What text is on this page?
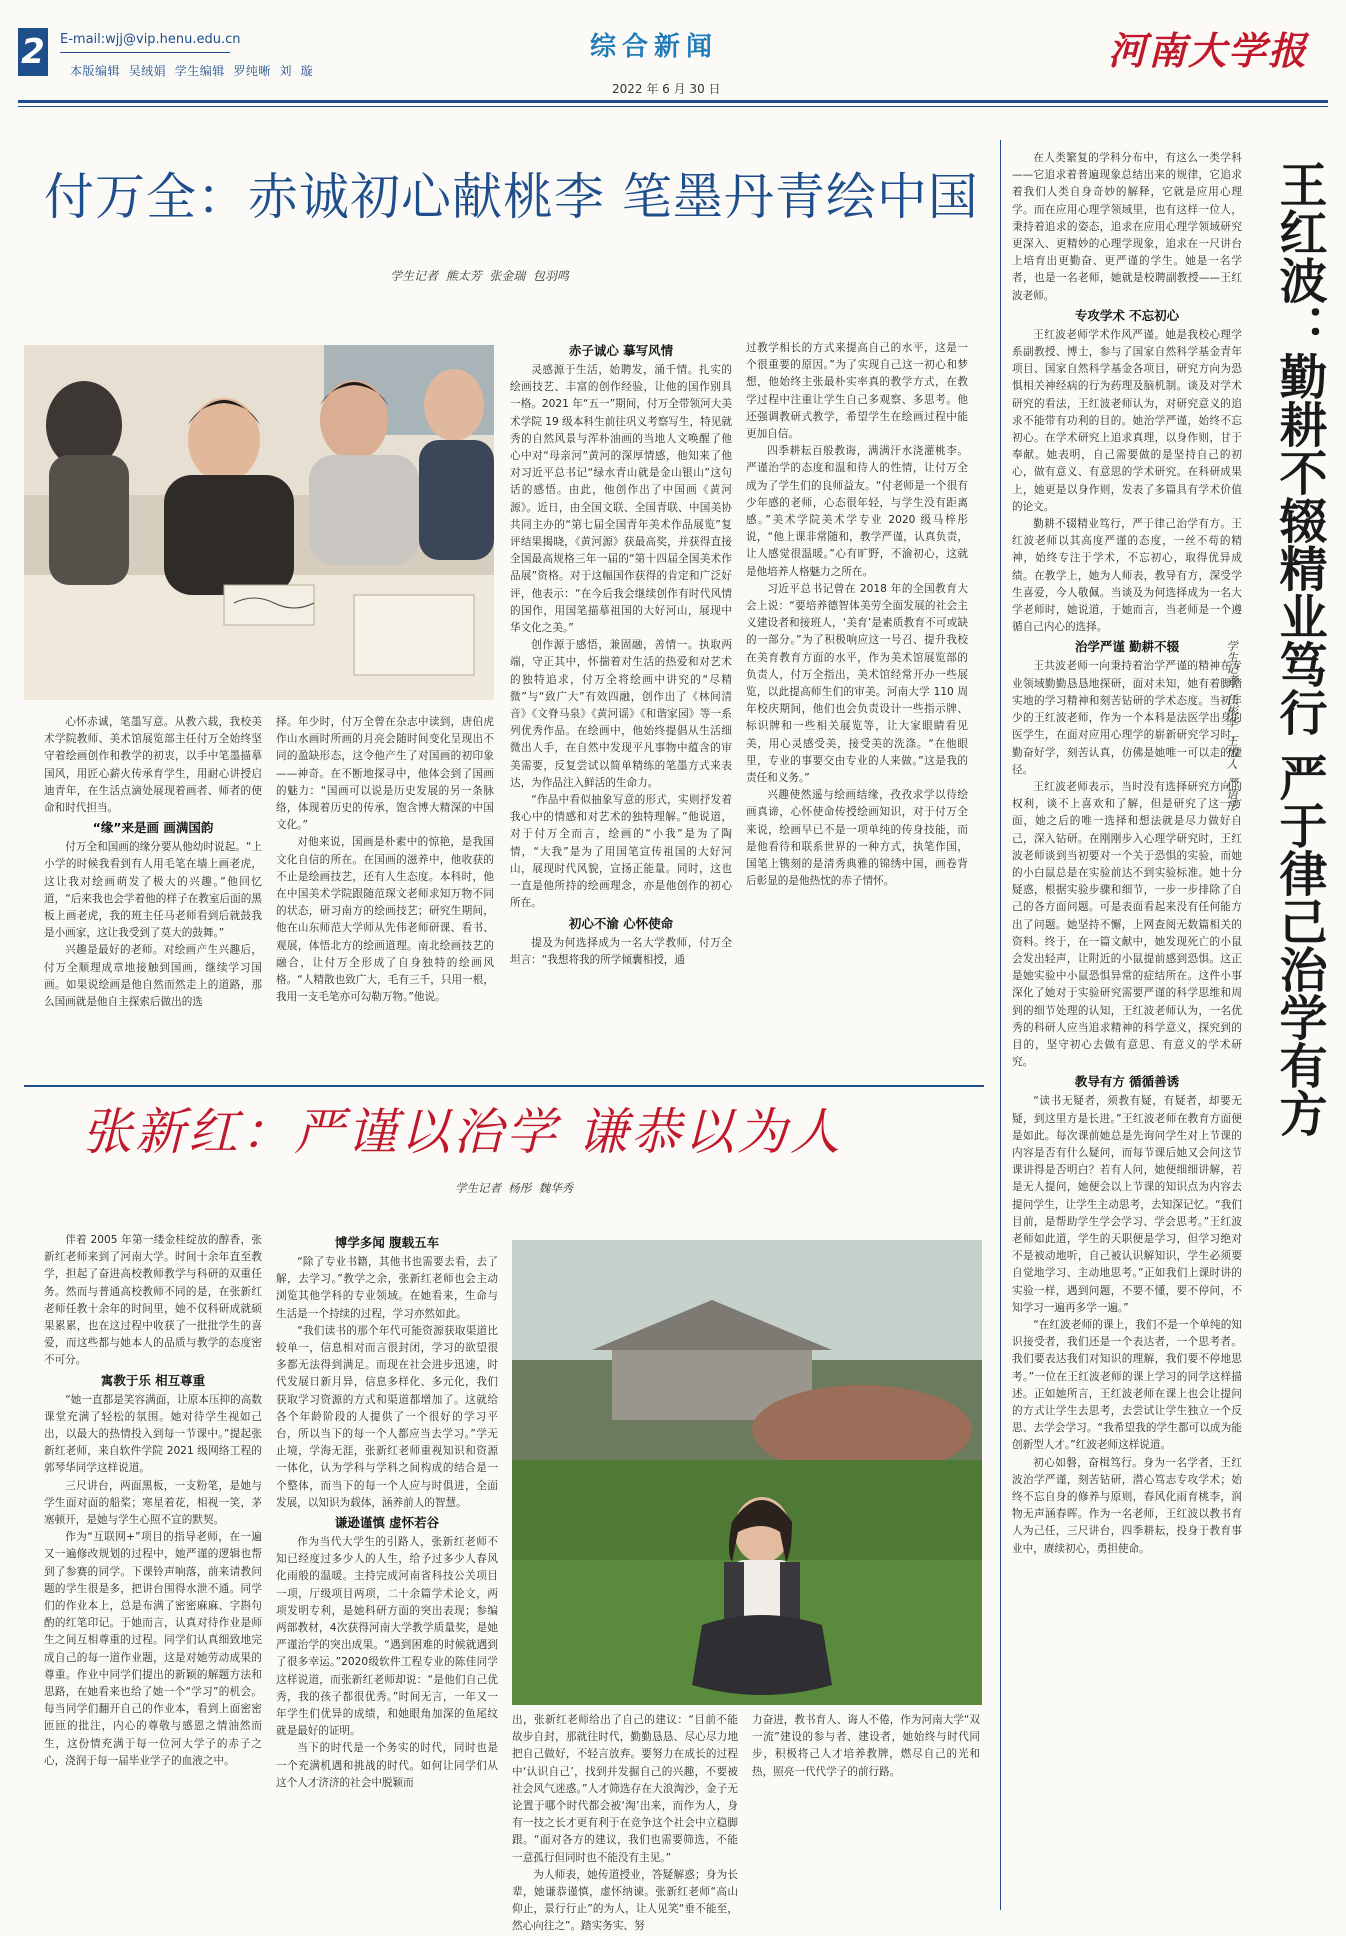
2 E-mail:wjj@vip.henu.edu.cn
本版编辑  吴绒娟  学生编辑  罗纯晰  刘  璇
综合新闻
2022 年 6 月 30 日
河南大学报
付万全：赤诚初心献桃李 笔墨丹青绘中国
学生记者  熊太芳  张金瑞  包羽鸣

心怀赤诚，笔墨写意。从教六载，我校美术学院教师、美术馆展览部主任付万全始终坚守着绘画创作和教学的初衷，以手中笔墨描摹国风，用匠心薪火传承育学生，用耐心讲授启迪青年，在生活点滴处展现着画者、师者的使命和时代担当。

“缘”来是画 画满国韵

付万全和国画的缘分要从他幼时说起。“上小学的时候我看到有人用毛笔在墙上画老虎，这让我对绘画萌发了极大的兴趣。”他回忆道，“后来我也会学着他的样子在教室后面的黑板上画老虎，我的班主任马老师看到后就鼓我是小画家，这让我受到了莫大的鼓舞。”

兴趣是最好的老师。对绘画产生兴趣后，付万全顺理成章地接触到国画，继续学习国画。如果说绘画是他自然而然走上的道路，那么国画就是他自主探索后做出的选

择。年少时，付万全曾在杂志中读到，唐伯虎作山水画时所画的月亮会随时间变化呈现出不同的盈缺形态，这令他产生了对国画的初印象——神奇。在不断地探寻中，他体会到了国画的魅力：“国画可以说是历史发展的另一条脉络，体现着历史的传承，饱含博大精深的中国文化。”

对他来说，国画是朴素中的惊艳，是我国文化自信的所在。在国画的滋养中，他收获的不止是绘画技艺，还有人生态度。本科时，他在中国美术学院跟随范琛文老师求知万物不同的状态，研习南方的绘画技艺；研究生期间，他在山东师范大学师从先伟老师研课、看书、观展，体悟北方的绘画道理。南北绘画技艺的融合，让付万全形成了自身独特的绘画风格。“人精散也致广大，毛有三千，只用一根，我用一支毛笔亦可勾勒万物。”他说。

赤子诚心 摹写风情

灵感源于生活，始聘发，涌千情。扎实的绘画技艺、丰富的创作经验，让他的国作别具一格。2021 年“五一”期间，付万全带领河大美术学院 19 级本科生前往巩义考察写生，特见就秀的自然风景与浑朴油画的当地人文唤醒了他心中对“母亲河”黄河的深厚情感，他知来了他对习近平总书记“绿水青山就是金山银山”这句话的感悟。由此，他创作出了中国画《黄河源》。近日，由全国文联、全国青联、中国美协共同主办的“第七届全国青年美术作品展览”复评结果揭晓，《黄河源》获最高奖，并获得直接全国最高规格三年一届的“第十四届全国美术作品展”资格。对于这幅国作获得的肯定和广泛好评，他表示：“在今后我会继续创作有时代风情的国作，用国笔描摹祖国的大好河山，展现中华文化之美。”

创作源于感悟，兼固融，善情一。执取两端，守正其中，怀揣着对生活的热爱和对艺术的独特追求，付万全将绘画中讲究的“尽精微”与“致广大”有效四融，创作出了《林间清音》《文脊马泉》《黄河谣》《和谐家园》等一系列优秀作品。在绘画中，他始终提倡从生活细微出人手，在自然中发现平凡事物中蕴含的审美需要，反复尝试以简单精练的笔墨方式来表达，为作品注入鲜活的生命力。

“作品中看似抽象写意的形式，实则抒发着我心中的情感和对艺术的独特理解。”他说道，对于付万全而言，绘画的“小我”是为了陶情，“大我”是为了用国笔宣传祖国的大好河山，展现时代风貌，宣扬正能量。同时，这也一直是他所持的绘画理念，亦是他创作的初心所在。

初心不渝 心怀使命

提及为何选择成为一名大学教师，付万全坦言：“我想将我的所学倾囊相授，通

过教学相长的方式来提高自己的水平，这是一个很重要的原因。”为了实现自己这一初心和梦想，他始终主张最朴实率真的教学方式，在教学过程中注重让学生自己多观察、多思考。他还强调教研式教学，希望学生在绘画过程中能更加自信。

四季耕耘百般教诲，满满汗水浇灌桃李。严谨治学的态度和温和待人的性情，让付万全成为了学生们的良师益友。“付老师是一个很有少年感的老师，心态很年轻，与学生没有距离感。”美术学院美术学专业 2020 级马梓彤说，“他上课非常随和，教学严谨，认真负责，让人感觉很温暖。”心有旷野，不渝初心，这就是他培养人格魅力之所在。

习近平总书记曾在 2018 年的全国教育大会上说：“要培养德智体美劳全面发展的社会主义建设者和接班人，‘美育’是素质教育不可或缺的一部分。”为了积极响应这一号召、提升我校在美育教育方面的水平，作为美术馆展览部的负责人，付万全指出，美术馆经常开办一些展览，以此提高师生们的审美。河南大学 110 周年校庆期间，他们也会负责设计一些指示牌、标识牌和一些相关展览等，让大家眼睛看见美，用心灵感受美，接受美的洗涤。“在他眼里，专业的事要交由专业的人来做。”这是我的责任和义务。”

兴趣使然遥与绘画结缘，孜孜求学以待绘画真谛，心怀使命传授绘画知识，对于付万全来说，绘画早已不是一项单纯的传身技能，而是他看待和联系世界的一种方式，执笔作国，国笔上镌刻的是清秀典雅的锦绣中国，画卷背后彰显的是他热忱的赤子情怀。

张新红：严谨以治学 谦恭以为人
学生记者  杨彤  魏华秀

伴着 2005 年第一缕金桂绽放的醇香，张新红老师来到了河南大学。时间十余年直至教学，担起了奋进高校教师教学与科研的双重任务。然而与普通高校教师不同的是，在张新红老师任教十余年的时间里，她不仅科研成就硕果累累，也在这过程中收获了一批批学生的喜爱，而这些都与她本人的品质与教学的态度密不可分。

寓教于乐 相互尊重

“她一直都是笑容满面，让原本压抑的高数课堂充满了轻松的氛围。她对待学生视如己出，以最大的热情投入到每一节课中。”提起张新红老师，来自软件学院 2021 级网络工程的郭琴华同学这样说道。

三尺讲台，两面黑板，一支粉笔，是她与学生面对面的船桨；寒星着花，相视一笑，茅塞顿开，是她与学生心照不宣的默契。

作为“互联网+”项目的指导老师，在一遍又一遍修改规划的过程中，她严谨的逻辑也帮到了参赛的同学。下课铃声响落，前来请教问题的学生很是多，把讲台围得水泄不通。同学们的作业本上，总是布满了密密麻麻、字斟句酌的红笔印记。于她而言，认真对待作业是师生之间互相尊重的过程。同学们认真细致地完成自己的每一道作业题，这是对她劳动成果的尊重。作业中同学们提出的新颖的解题方法和思路，在她看来也给了她一个“学习”的机会。每当同学们翻开自己的作业本，看到上面密密匝匝的批注，内心的尊敬与感恩之情油然而生，这份情充满于每一位河大学子的赤子之心，浇润于每一届毕业学子的血液之中。

博学多闻 腹载五车

“除了专业书籍，其他书也需要去看，去了解，去学习。”教学之余，张新红老师也会主动浏览其他学科的专业领域。在她看来，生命与生活是一个持续的过程，学习亦然如此。

“我们读书的那个年代可能资源获取渠道比较单一，信息相对而言很封闭，学习的欲望很多都无法得到满足。而现在社会进步迅速，时代发展日新月异，信息多样化、多元化，我们获取学习资源的方式和渠道都增加了。这就给各个年龄阶段的人提供了一个很好的学习平台，所以当下的每一个人都应当去学习。”学无止境，学海无涯，张新红老师重视知识和资源一体化，认为学科与学科之间构成的结合是一个整体，而当下的每一个人应与时俱进，全面发展，以知识为载体，涵养前人的智慧。

谦逊谨慎 虚怀若谷

作为当代大学生的引路人，张新红老师不知已经度过多少人的人生，给予过多少人春风化雨般的温暖。主持完成河南省科技公关项目一项，厅级项目两项，二十余篇学术论文，两项发明专利，是她科研方面的突出表现；参编两部教材，4次获得河南大学教学质量奖，是她严谨治学的突出成果。“遇到困难的时候就遇到了很多幸运。”2020级软件工程专业的陈佳同学这样说道，而张新红老师却说：“是他们自己优秀，我的孩子都很优秀。”时间无言，一年又一年学生们优异的成绩，和她眼角加深的鱼尾纹就是最好的证明。

当下的时代是一个务实的时代，同时也是一个充满机遇和挑战的时代。如何让同学们从这个人才济济的社会中脱颖而

出，张新红老师给出了自己的建议：“目前不能故步自封，那就往时代，勤勤恳恳、尽心尽力地把自己做好，不轻言放弃。要努力在成长的过程中‘认识自己’，找到并发掘自己的兴趣，不要被社会风气迷惑。”人才筛选存在大浪淘沙，金子无论置于哪个时代都会被‘淘’出来，而作为人，身有一技之长才更有利于在竞争这个社会中立稳脚跟。“面对各方的建议，我们也需要筛选，不能一意孤行但同时也不能没有主见。”

为人师表，她传道授业，答疑解惑；身为长辈，她谦恭谨慎，虚怀纳谏。张新红老师“高山仰止，景行行止”的为人，让人见笑“垂不能至，然心向往之”。踏实务实、努

力奋进，教书育人、诲人不倦，作为河南大学“双一流”建设的参与者、建设者，她始终与时代同步，积极将己人才培养教牌，燃尽自己的光和热，照亮一代代学子的前行路。

在人类繁复的学科分布中，有这么一类学科——它追求着普遍现象总结出来的规律，它追求着我们人类自身奇妙的解释，它就是应用心理学。而在应用心理学领域里，也有这样一位人，秉持着追求的姿态，追求在应用心理学领域研究更深入、更精妙的心理学现象，追求在一尺讲台上培育出更勤奋、更严谨的学生。她是一名学者，也是一名老师，她就是校聘副教授——王红波老师。

专攻学术 不忘初心

王红波老师学术作风严谨。她是我校心理学系副教授、博士，参与了国家自然科学基金青年项目、国家自然科学基金各项目，研究方向为恐惧相关神经病的行为药理及脑机制。谈及对学术研究的看法，王红波老师认为，对研究意义的追求不能带有功利的目的。她治学严谨，始终不忘初心。在学术研究上追求真理，以身作则，甘于奉献。她表明，自己需要做的是坚持自己的初心，做有意义、有意思的学术研究。在科研成果上，她更是以身作则，发表了多篇具有学术价值的论文。

勤耕不辍精业笃行，严于律己治学有方。王红波老师以其高度严谨的态度，一丝不苟的精神，始终专注于学术，不忘初心，取得优异成绩。在教学上，她为人师表，教导有方，深受学生喜爱，今人敬佩。当谈及为何选择成为一名大学老师时，她说道，于她而言，当老师是一个遵循自己内心的选择。

治学严谨 勤耕不辍

王共波老师一向秉持着治学严谨的精神在专业领域勤勤恳恳地探研，面对未知，她有着脚踏实地的学习精神和刻苦钻研的学术态度。当初年少的王红波老师，作为一个本科是法医学出身的医学生，在面对应用心理学的崭新研究学习时，勤奋好学，刻苦认真，仿佛是她唯一可以走的捷径。

王红波老师表示，当时没有选择研究方向的权利，谈不上喜欢和了解，但是研究了这一方面，她之后的唯一选择和想法就是尽力做好自己，深入钻研。在刚刚步入心理学研究时，王红波老师谈到当初要对一个关于恐惧的实验，而她的小白鼠总是在实验前达不到实验标准。她十分疑惑，根据实验步骤和细节，一步一步排除了自己的各方面问题。可是表面看起来没有任何能方出了问题。她坚持不懈，上网查阅无数篇相关的资料。终于，在一篇文献中，她发现死亡的小鼠会发出轻声，让附近的小鼠提前感到恐惧。这正是她实验中小鼠恐惧异常的症结所在。这件小事深化了她对于实验研究需要严谨的科学思维和周到的细节处理的认知，王红波老师认为，一名优秀的科研人应当追求精神的科学意义，探究到的目的，坚守初心去做有意思、有意义的学术研究。

教导有方 循循善诱

“读书无疑者，须教有疑，有疑者，却要无疑，到这里方是长进。”王红波老师在教育方面便是如此。每次课前她总是先询问学生对上节课的内容是否有什么疑问，而每节课后她又会问这节课讲得是否明白？若有人问，她便细细讲解，若是无人提问，她便会以上节课的知识点为内容去提问学生，让学生主动思考，去知深记忆。“我们目前，是帮助学生学会学习、学会思考。”王红波老师如此道，学生的天职便是学习，但学习绝对不是被动地听，自己被认识解知识，学生必须要自觉地学习、主动地思考。”正如我们上课时讲的实验一样，遇到问题，不要不懂，要不停问，不知学习一遍再多学一遍。”

“在红波老师的课上，我们不是一个单纯的知识接受者，我们还是一个表达者，一个思考者。我们要表达我们对知识的理解，我们要不停地思考。”一位在王红波老师的课上学习的同学这样描述。正如她所言，王红波老师在课上也会让提问的方式让学生去思考，去尝试让学生独立一个反思、去学会学习。“我希望我的学生都可以成为能创新型人才。”红波老师这样说道。

初心如磐，奋楫笃行。身为一名学者，王红波治学严谨，刻苦钻研，潜心笃志专攻学术；始终不忘自身的修养与原则，春风化雨育桃李，润物无声涵春晖。作为一名老师，王红波以教书育人为己任，三尺讲台，四季耕耘，投身于教育事业中，赓续初心，勇担使命。

王红波：勤耕不辍精业笃行 严于律己治学有方
学生记者  任彬华  王怡人  严语彤
